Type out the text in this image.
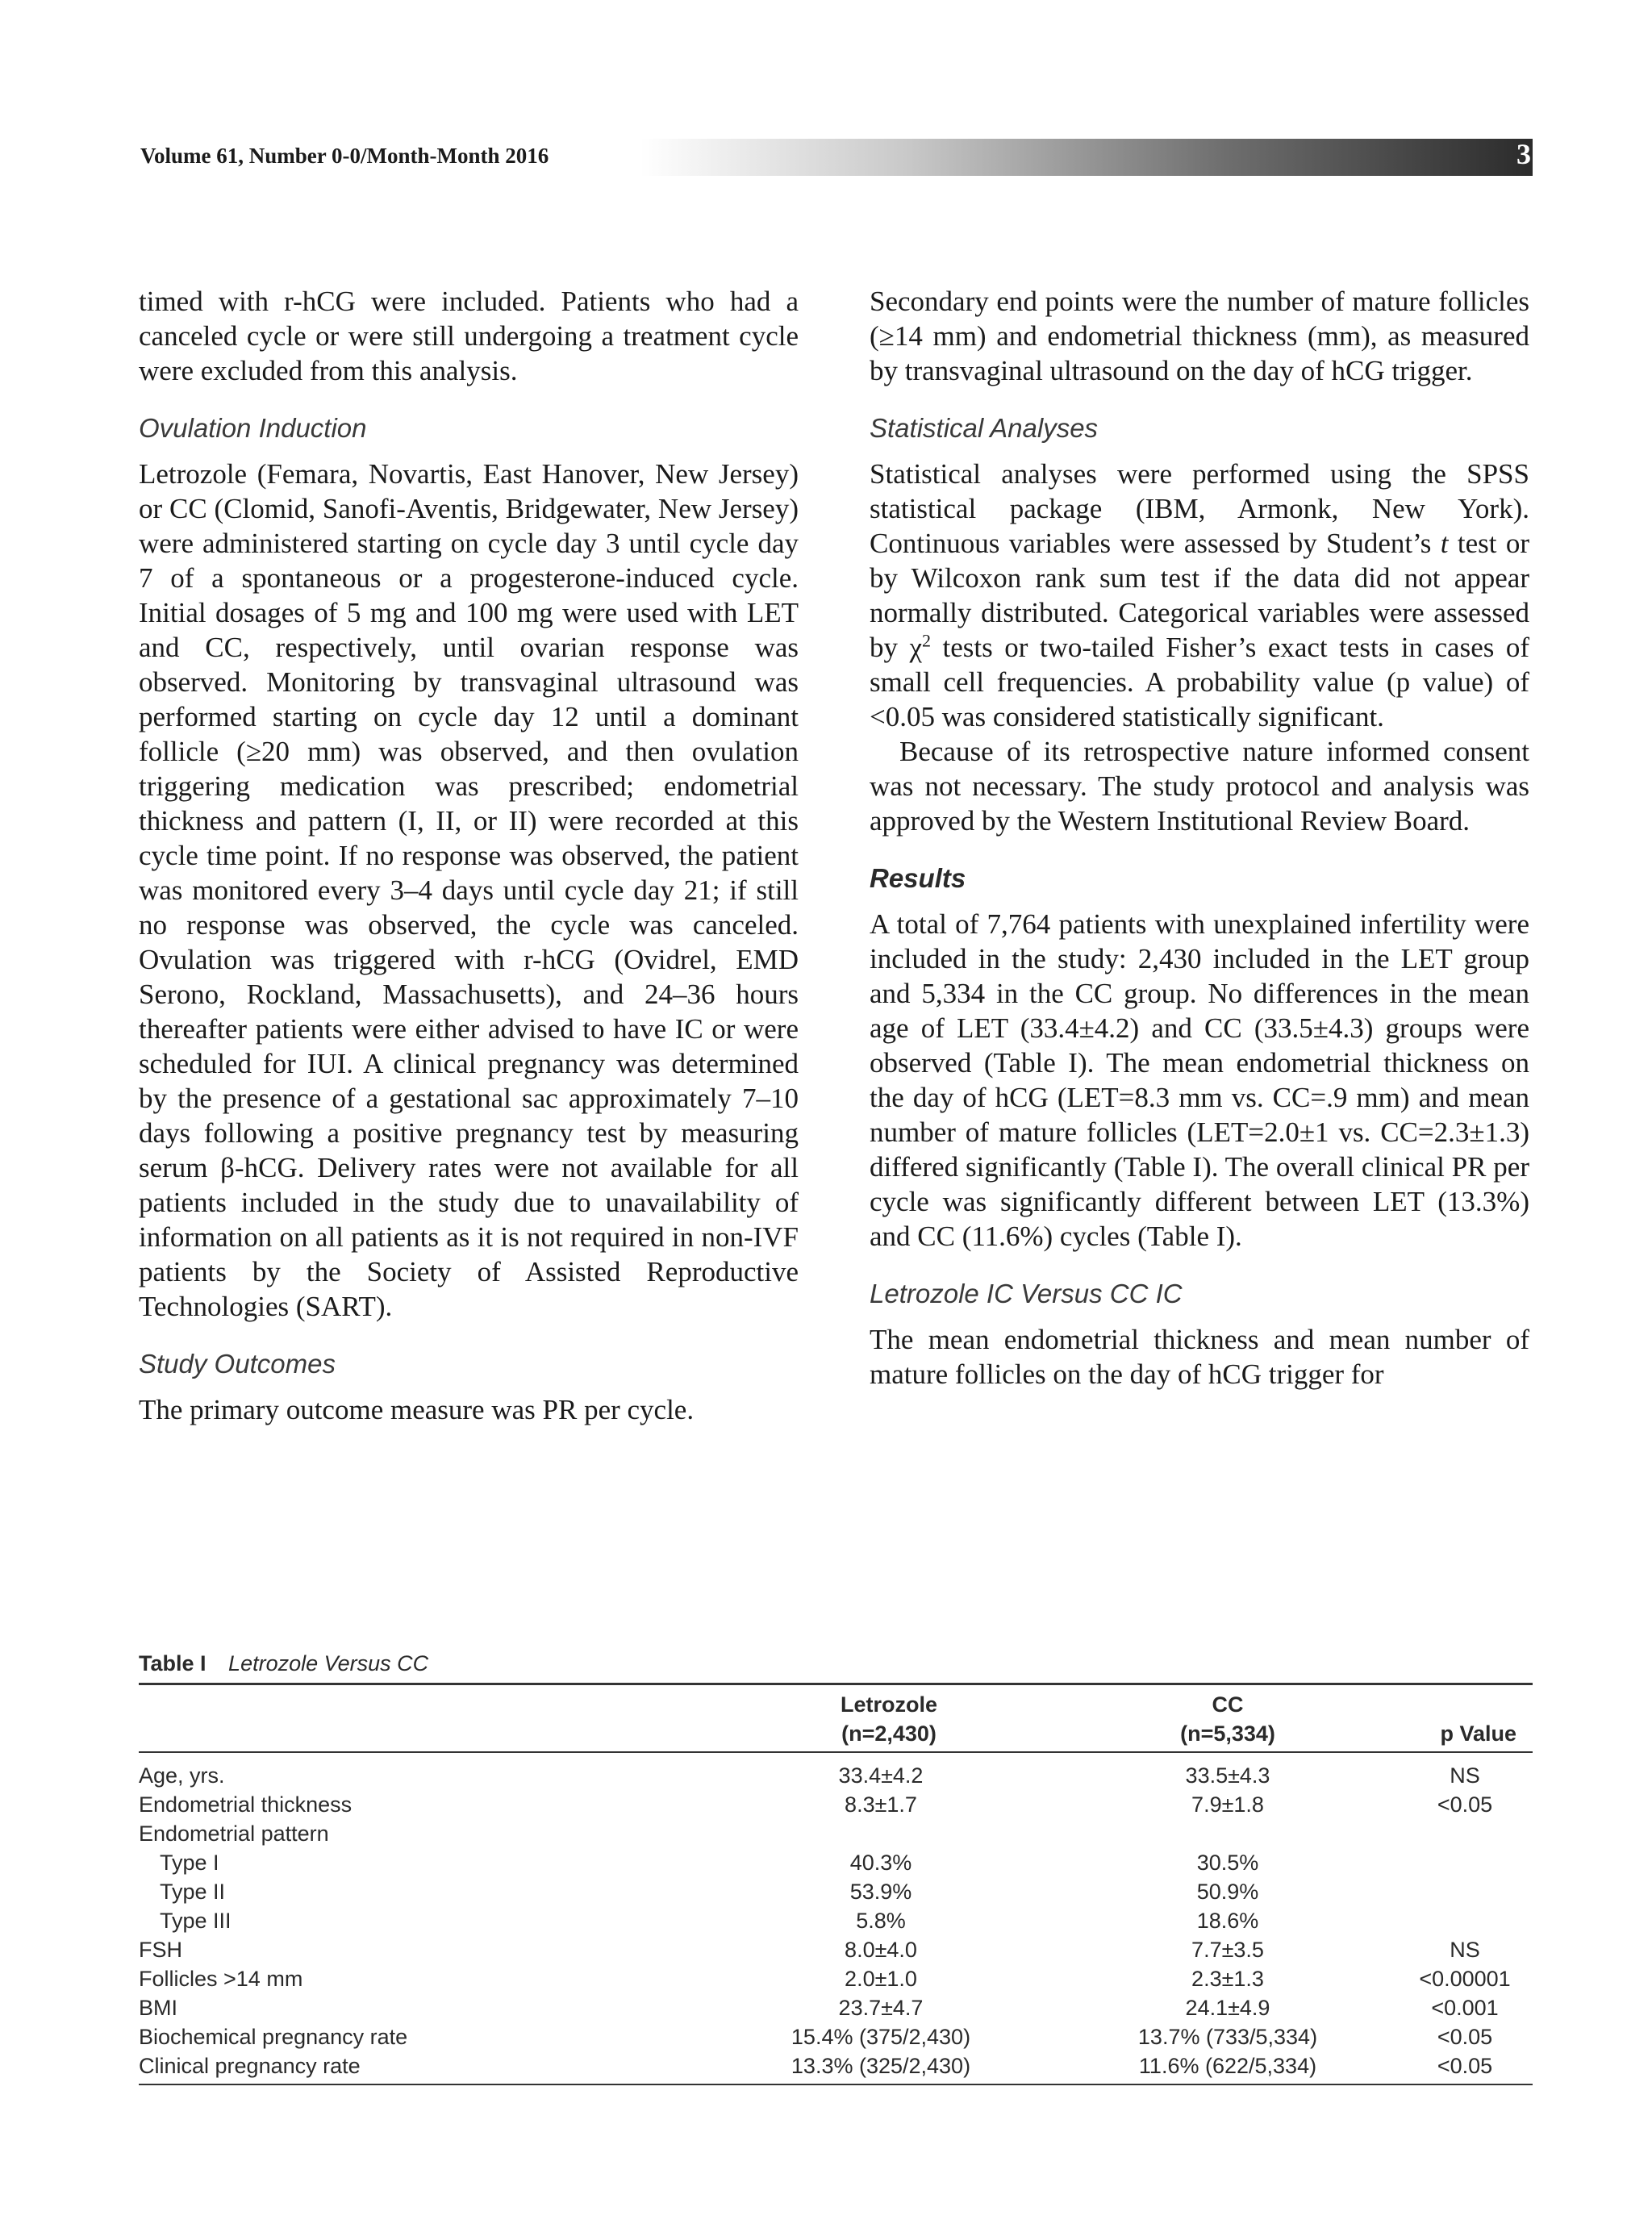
Volume 61, Number 0-0/Month-Month 2016	3

timed with r-hCG were included. Patients who had a canceled cycle or were still undergoing a treatment cycle were excluded from this analysis.

Ovulation Induction

Letrozole (Femara, Novartis, East Hanover, New Jersey) or CC (Clomid, Sanofi-Aventis, Bridgewater, New Jersey) were administered starting on cycle day 3 until cycle day 7 of a spontaneous or a progesterone-induced cycle. Initial dosages of 5 mg and 100 mg were used with LET and CC, respectively, until ovarian response was observed. Monitoring by transvaginal ultrasound was performed starting on cycle day 12 until a dominant follicle (≥20 mm) was observed, and then ovulation triggering medication was prescribed; endometrial thickness and pattern (I, II, or II) were recorded at this cycle time point. If no response was observed, the patient was monitored every 3–4 days until cycle day 21; if still no response was observed, the cycle was canceled. Ovulation was triggered with r-hCG (Ovidrel, EMD Serono, Rockland, Massachusetts), and 24–36 hours thereafter patients were either advised to have IC or were scheduled for IUI. A clinical pregnancy was determined by the presence of a gestational sac approximately 7–10 days following a positive pregnancy test by measuring serum β-hCG. Delivery rates were not available for all patients included in the study due to unavailability of information on all patients as it is not required in non-IVF patients by the Society of Assisted Reproductive Technologies (SART).

Study Outcomes

The primary outcome measure was PR per cycle.

Secondary end points were the number of mature follicles (≥14 mm) and endometrial thickness (mm), as measured by transvaginal ultrasound on the day of hCG trigger.

Statistical Analyses

Statistical analyses were performed using the SPSS statistical package (IBM, Armonk, New York). Continuous variables were assessed by Student’s t test or by Wilcoxon rank sum test if the data did not appear normally distributed. Categorical variables were assessed by $\chi^2$ tests or two-tailed Fisher’s exact tests in cases of small cell frequencies. A probability value (p value) of <0.05 was considered statistically significant.

Because of its retrospective nature informed consent was not necessary. The study protocol and analysis was approved by the Western Institutional Review Board.

Results

A total of 7,764 patients with unexplained infertility were included in the study: 2,430 included in the LET group and 5,334 in the CC group. No differences in the mean age of LET (33.4±4.2) and CC (33.5±4.3) groups were observed (Table I). The mean endometrial thickness on the day of hCG (LET=8.3 mm vs. CC=.9 mm) and mean number of mature follicles (LET=2.0±1 vs. CC=2.3±1.3) differed significantly (Table I). The overall clinical PR per cycle was significantly different between LET (13.3%) and CC (11.6%) cycles (Table I).

Letrozole IC Versus CC IC

The mean endometrial thickness and mean number of mature follicles on the day of hCG trigger for

Table I Letrozole Versus CC
Letrozole
(n=2,430)
CC
(n=5,334)	p Value
Age, yrs.	33.4±4.2	33.5±4.3	NS
Endometrial thickness	8.3±1.7	7.9±1.8	<0.05
Endometrial pattern
Type I	40.3%	30.5%
Type II	53.9%	50.9%
Type III	5.8%	18.6%
FSH	8.0±4.0	7.7±3.5	NS
Follicles >14 mm	2.0±1.0	2.3±1.3	<0.00001
BMI	23.7±4.7	24.1±4.9	<0.001
Biochemical pregnancy rate	15.4% (375/2,430)	13.7% (733/5,334)	<0.05
Clinical pregnancy rate	13.3% (325/2,430)	11.6% (622/5,334)	<0.05
